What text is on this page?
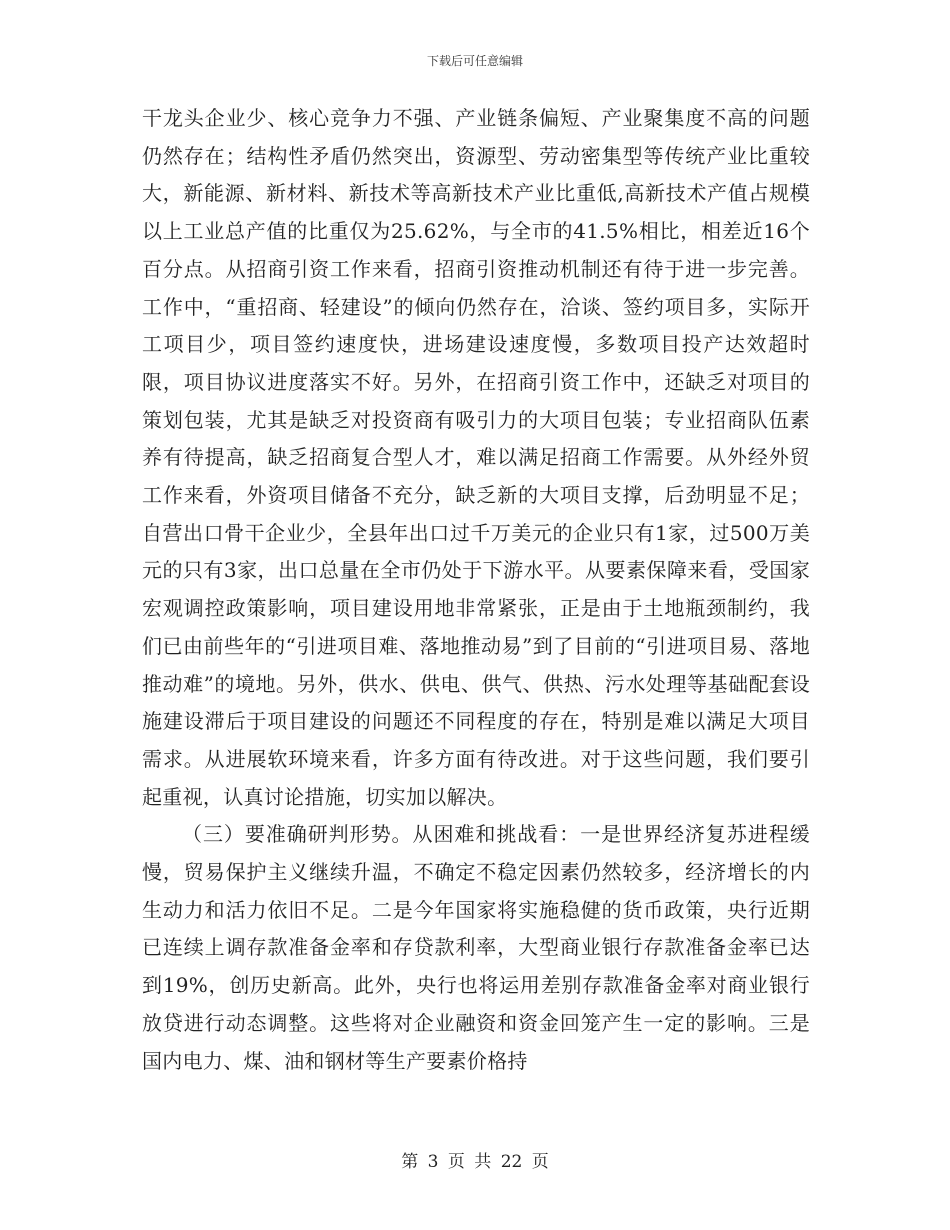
下载后可任意编辑

干龙头企业少、核心竞争力不强、产业链条偏短、产业聚集度不高的问题仍然存在；结构性矛盾仍然突出，资源型、劳动密集型等传统产业比重较大，新能源、新材料、新技术等高新技术产业比重低,高新技术产值占规模以上工业总产值的比重仅为25.62%，与全市的41.5%相比，相差近16个百分点。从招商引资工作来看，招商引资推动机制还有待于进一步完善。工作中，“重招商、轻建设”的倾向仍然存在，洽谈、签约项目多，实际开工项目少，项目签约速度快，进场建设速度慢，多数项目投产达效超时限，项目协议进度落实不好。另外，在招商引资工作中，还缺乏对项目的策划包装，尤其是缺乏对投资商有吸引力的大项目包装；专业招商队伍素养有待提高，缺乏招商复合型人才，难以满足招商工作需要。从外经外贸工作来看，外资项目储备不充分，缺乏新的大项目支撑，后劲明显不足；自营出口骨干企业少，全县年出口过千万美元的企业只有1家，过500万美元的只有3家，出口总量在全市仍处于下游水平。从要素保障来看，受国家宏观调控政策影响，项目建设用地非常紧张，正是由于土地瓶颈制约，我们已由前些年的“引进项目难、落地推动易”到了目前的“引进项目易、落地推动难”的境地。另外，供水、供电、供气、供热、污水处理等基础配套设施建设滞后于项目建设的问题还不同程度的存在，特别是难以满足大项目需求。从进展软环境来看，许多方面有待改进。对于这些问题，我们要引起重视，认真讨论措施，切实加以解决。

（三）要准确研判形势。从困难和挑战看：一是世界经济复苏进程缓慢，贸易保护主义继续升温，不确定不稳定因素仍然较多，经济增长的内生动力和活力依旧不足。二是今年国家将实施稳健的货币政策，央行近期已连续上调存款准备金率和存贷款利率，大型商业银行存款准备金率已达到19%，创历史新高。此外，央行也将运用差别存款准备金率对商业银行放贷进行动态调整。这些将对企业融资和资金回笼产生一定的影响。三是国内电力、煤、油和钢材等生产要素价格持

第 3 页 共 22 页
